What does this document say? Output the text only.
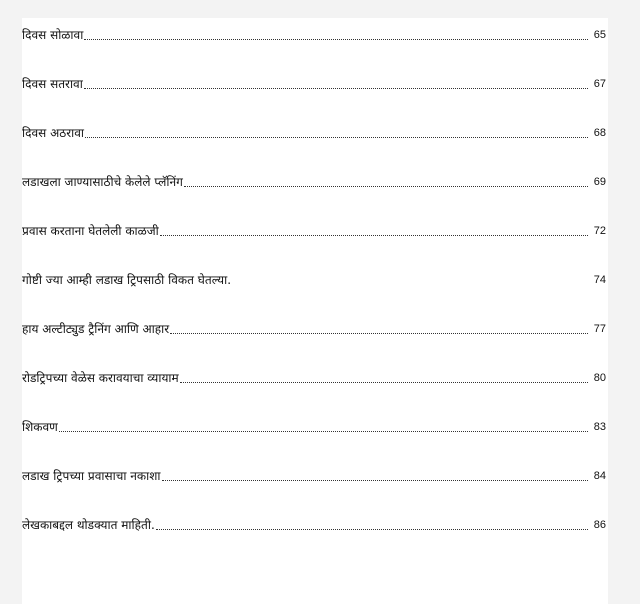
दिवस सोळावा	65
दिवस सतरावा	67
दिवस अठरावा	68
लडाखला जाण्यासाठीचे केलेले प्लॅनिंग	69
प्रवास करताना घेतलेली काळजी	72
गोष्टी ज्या आम्ही लडाख ट्रिपसाठी विकत घेतल्या.	74
हाय अल्टीट्युड ट्रैनिंग आणि आहार	77
रोडट्रिपच्या वेळेस करावयाचा व्यायाम	80
शिकवण	83
लडाख ट्रिपच्या प्रवासाचा नकाशा	84
लेखकाबद्दल थोडक्यात माहिती.	86
